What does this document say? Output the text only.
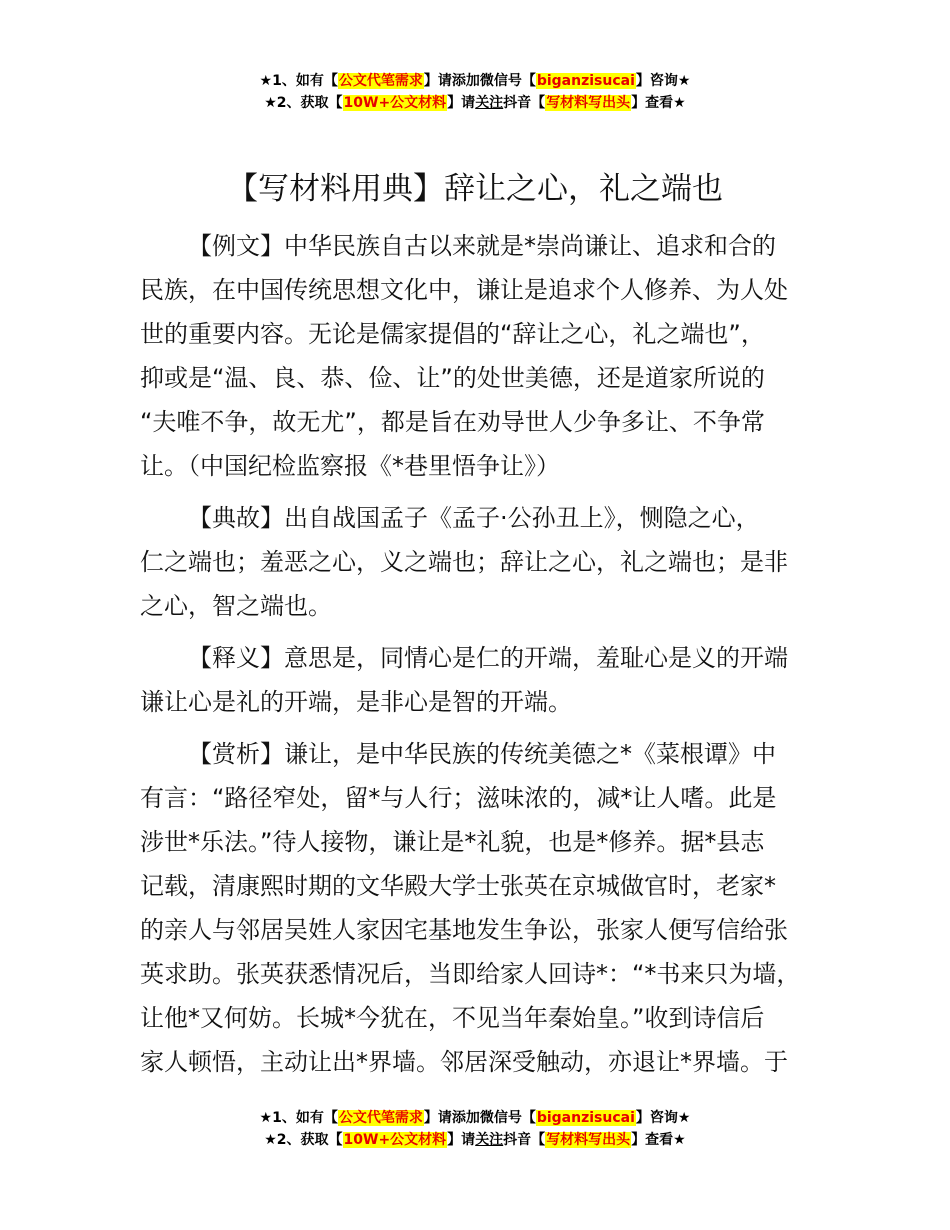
★1、如有【公文代笔需求】请添加微信号【biganzisucai】咨询★
★2、获取【10W+公文材料】请关注抖音【写材料写出头】查看★
【写材料用典】辞让之心，礼之端也
【例文】中华民族自古以来就是*崇尚谦让、追求和合的
民族，在中国传统思想文化中，谦让是追求个人修养、为人处
世的重要内容。无论是儒家提倡的“辞让之心，礼之端也”，
抑或是“温、良、恭、俭、让”的处世美德，还是道家所说的
“夫唯不争，故无尤”，都是旨在劝导世人少争多让、不争常
让。（中国纪检监察报《*巷里悟争让》）
【典故】出自战国孟子《孟子·公孙丑上》，恻隐之心，
仁之端也；羞恶之心，义之端也；辞让之心，礼之端也；是非
之心，智之端也。
【释义】意思是，同情心是仁的开端，羞耻心是义的开端
谦让心是礼的开端，是非心是智的开端。
【赏析】谦让，是中华民族的传统美德之*《菜根谭》中
有言：“路径窄处，留*与人行；滋味浓的，减*让人嗜。此是
涉世*乐法。”待人接物，谦让是*礼貌，也是*修养。据*县志
记载，清康熙时期的文华殿大学士张英在京城做官时，老家*
的亲人与邻居吴姓人家因宅基地发生争讼，张家人便写信给张
英求助。张英获悉情况后，当即给家人回诗*：“*书来只为墙，
让他*又何妨。长城*今犹在，不见当年秦始皇。”收到诗信后
家人顿悟，主动让出*界墙。邻居深受触动，亦退让*界墙。于
★1、如有【公文代笔需求】请添加微信号【biganzisucai】咨询★
★2、获取【10W+公文材料】请关注抖音【写材料写出头】查看★
